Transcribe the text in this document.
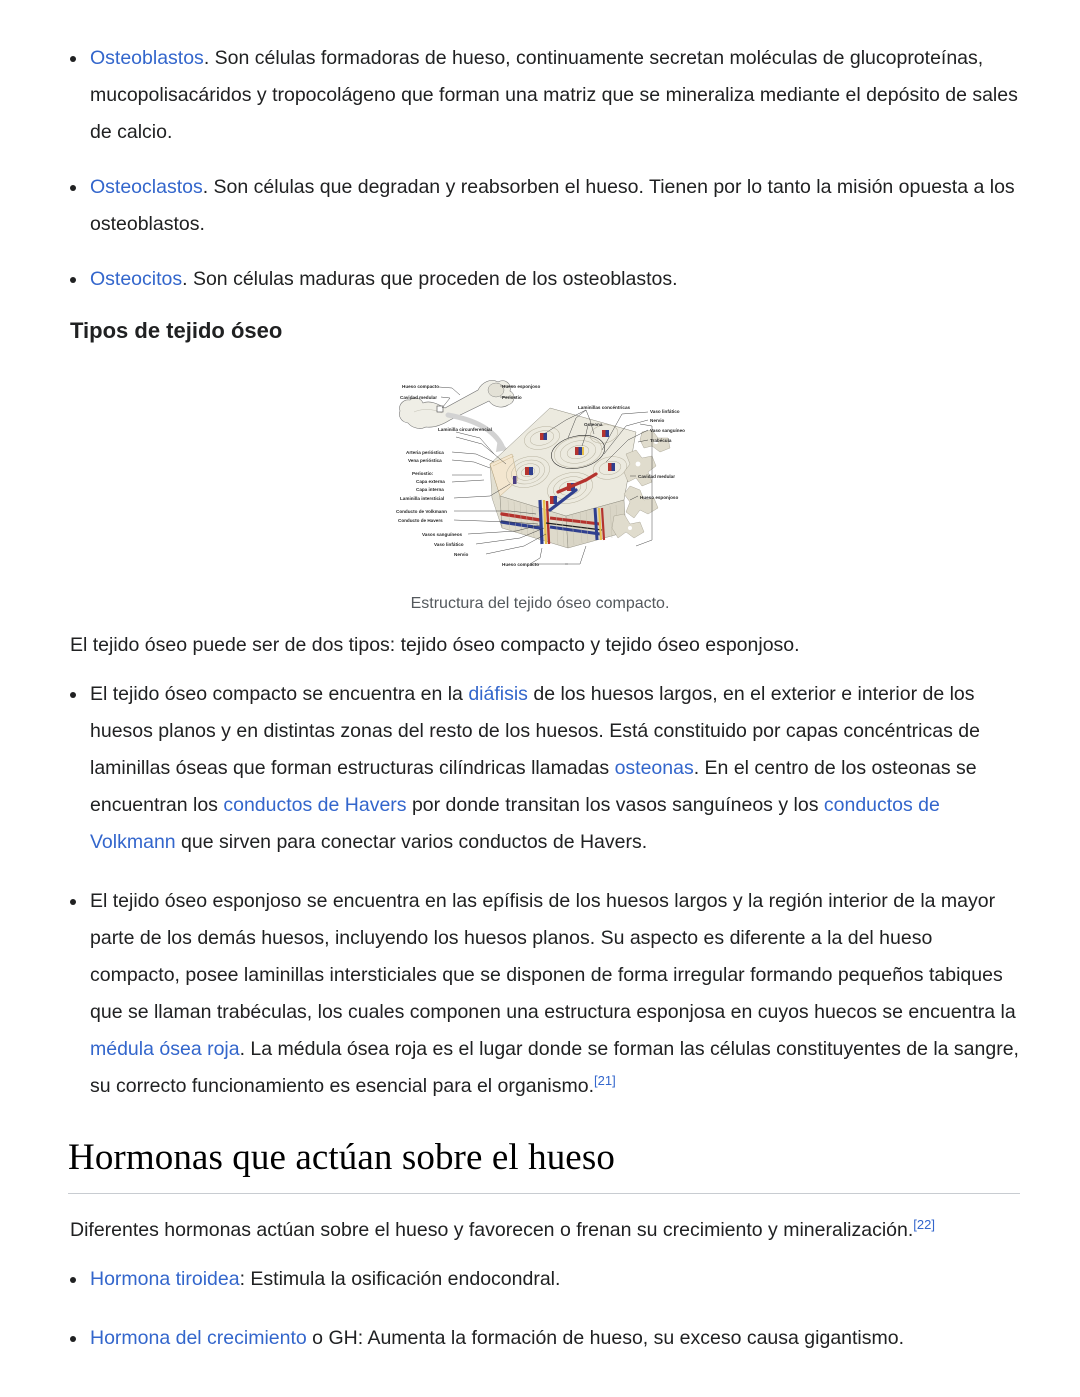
Osteoblastos. Son células formadoras de hueso, continuamente secretan moléculas de glucoproteínas, mucopolisacáridos y tropocolágeno que forman una matriz que se mineraliza mediante el depósito de sales de calcio.
Osteoclastos. Son células que degradan y reabsorben el hueso. Tienen por lo tanto la misión opuesta a los osteoblastos.
Osteocitos. Son células maduras que proceden de los osteoblastos.
Tipos de tejido óseo
Hueso compacto
Cavidad medular
Hueso esponjoso
Periostio
Laminilla circunferencial
Arteria perióstica
Vena perióstica
Periostio:
Capa externa
Capa interna
Laminilla intersticial
Conducto de Volkmann
Conducto de Havers
Vasos sanguíneos
Vaso linfático
Nervio
Hueso compacto
Laminillas concéntricas
Osteona
Vaso linfático
Nervio
Vaso sanguíneo
Trabécula
Cavidad medular
Hueso esponjoso
Estructura del tejido óseo compacto.

El tejido óseo puede ser de dos tipos: tejido óseo compacto y tejido óseo esponjoso.

El tejido óseo compacto se encuentra en la diáfisis de los huesos largos, en el exterior e interior de los huesos planos y en distintas zonas del resto de los huesos. Está constituido por capas concéntricas de laminillas óseas que forman estructuras cilíndricas llamadas osteonas. En el centro de los osteonas se encuentran los conductos de Havers por donde transitan los vasos sanguíneos y los conductos de Volkmann que sirven para conectar varios conductos de Havers.
El tejido óseo esponjoso se encuentra en las epífisis de los huesos largos y la región interior de la mayor parte de los demás huesos, incluyendo los huesos planos. Su aspecto es diferente a la del hueso compacto, posee laminillas intersticiales que se disponen de forma irregular formando pequeños tabiques que se llaman trabéculas, los cuales componen una estructura esponjosa en cuyos huecos se encuentra la médula ósea roja. La médula ósea roja es el lugar donde se forman las células constituyentes de la sangre, su correcto funcionamiento es esencial para el organismo.[21]
Hormonas que actúan sobre el hueso

Diferentes hormonas actúan sobre el hueso y favorecen o frenan su crecimiento y mineralización.[22]

Hormona tiroidea: Estimula la osificación endocondral.
Hormona del crecimiento o GH: Aumenta la formación de hueso, su exceso causa gigantismo.
